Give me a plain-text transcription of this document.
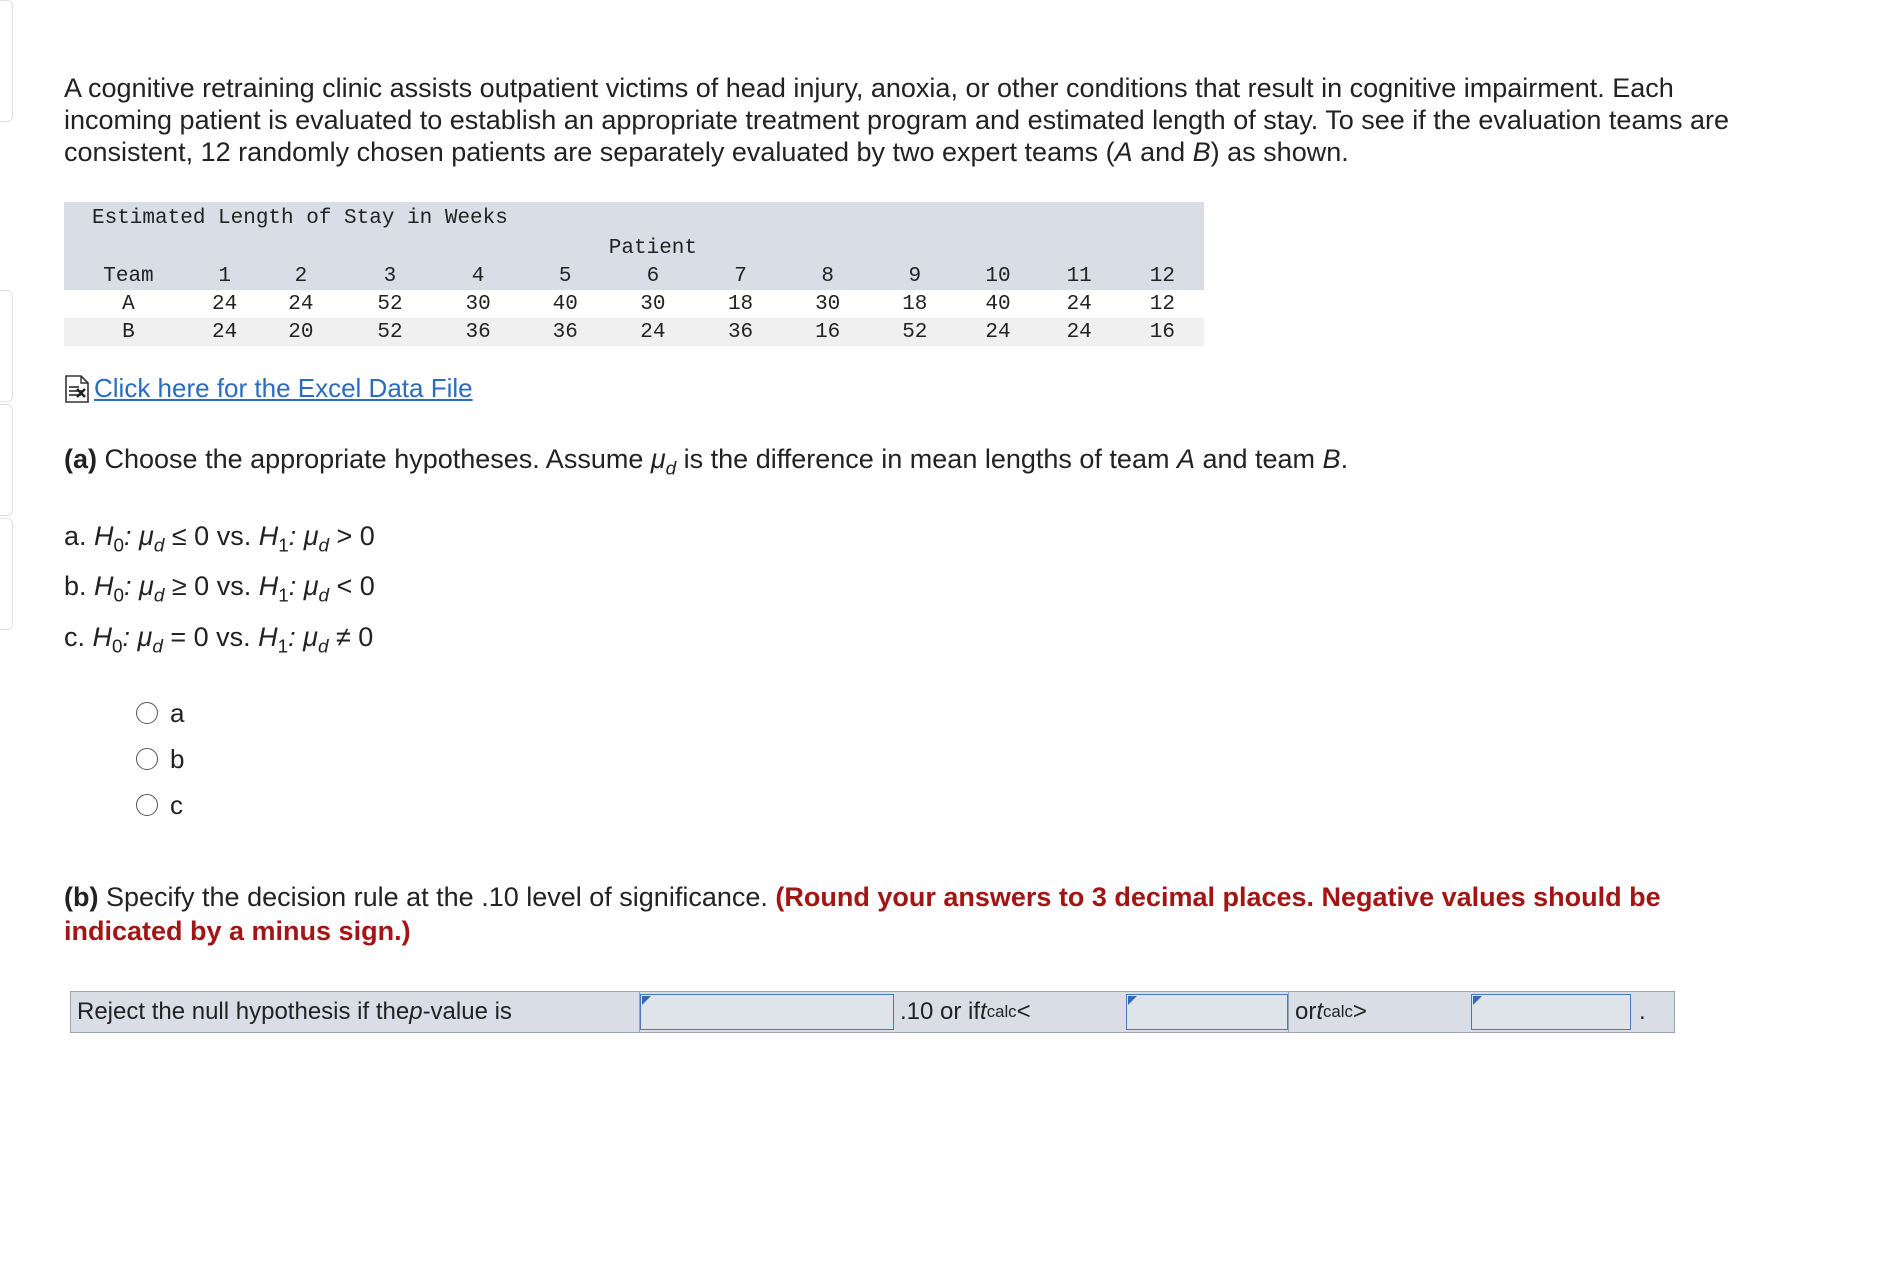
A cognitive retraining clinic assists outpatient victims of head injury, anoxia, or other conditions that result in cognitive impairment. Each incoming patient is evaluated to establish an appropriate treatment program and estimated length of stay. To see if the evaluation teams are consistent, 12 randomly chosen patients are separately evaluated by two expert teams (A and B) as shown.

Estimated Length of Stay in Weeks												
						Patient						
Team	1	2	3	4	5	6	7	8	9	10	11	12
A	24	24	52	30	40	30	18	30	18	40	24	12
B	24	20	52	36	36	24	36	16	52	24	24	16
Click here for the Excel Data File
(a) Choose the appropriate hypotheses. Assume $\mu_d$ is the difference in mean lengths of team A and team B.
a. $H_0$: $\mu_d \le 0$ vs. $H_1$: $\mu_d > 0$
b. $H_0$: $\mu_d \ge 0$ vs. $H_1$: $\mu_d < 0$
c. $H_0$: $\mu_d = 0$ vs. $H_1$: $\mu_d \ne 0$
a
b
c
(b) Specify the decision rule at the .10 level of significance. (Round your answers to 3 decimal places. Negative values should be indicated by a minus sign.)
Reject the null hypothesis if the p -value is	.10 or if t calc <	or t calc >	.
